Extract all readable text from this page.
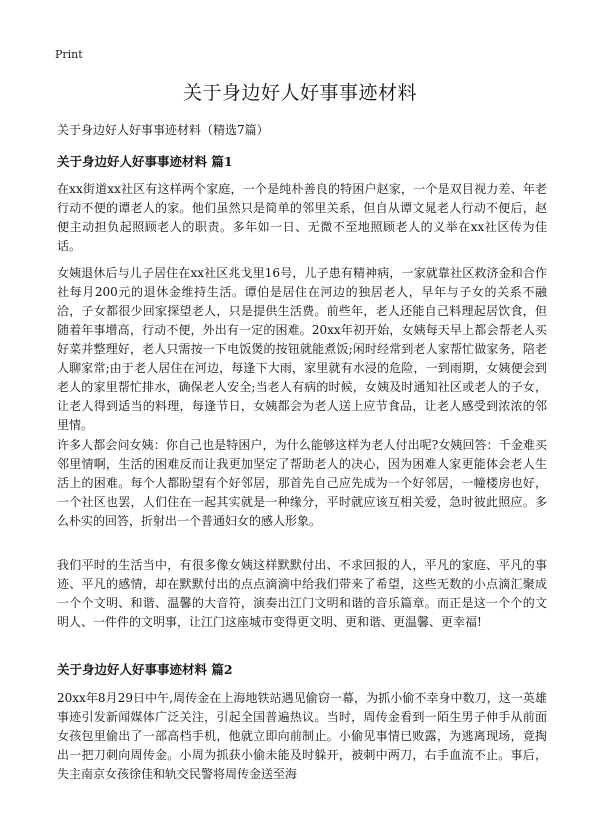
Print
关于身边好人好事事迹材料
关于身边好人好事事迹材料（精选7篇）
关于身边好人好事事迹材料 篇1

在xx街道xx社区有这样两个家庭，一个是纯朴善良的特困户赵家，一个是双目视力差、年老行动不便的谭老人的家。他们虽然只是简单的邻里关系，但自从谭文晁老人行动不便后，赵便主动担负起照顾老人的职责。多年如一日、无微不至地照顾老人的义举在xx社区传为佳话。

女姨退休后与儿子居住在xx社区兆戈里16号，儿子患有精神病，一家就靠社区救济金和合作社每月200元的退休金维持生活。谭伯是居住在河边的独居老人，早年与子女的关系不融洽，子女都很少回家探望老人，只是提供生活费。前些年，老人还能自己料理起居饮食，但随着年事增高，行动不便，外出有一定的困难。20xx年初开始，女姨每天早上都会帮老人买好菜并整理好，老人只需按一下电饭煲的按钮就能煮饭;闲时经常到老人家帮忙做家务，陪老人聊家常;由于老人居住在河边，每逢下大雨，家里就有水浸的危险，一到雨期，女姨便会到老人的家里帮忙排水，确保老人安全;当老人有病的时候，女姨及时通知社区或老人的子女，让老人得到适当的料理，每逢节日，女姨都会为老人送上应节食品，让老人感受到浓浓的邻里情。

许多人都会问女姨：你自己也是特困户，为什么能够这样为老人付出呢?女姨回答：千金难买邻里情啊，生活的困难反而让我更加坚定了帮助老人的决心，因为困难人家更能体会老人生活上的困难。每个人都盼望有个好邻居，那首先自己应先成为一个好邻居，一幢楼房也好，一个社区也罢，人们住在一起其实就是一种缘分，平时就应该互相关爱，急时彼此照应。多么朴实的回答，折射出一个普通妇女的感人形象。

我们平时的生活当中，有很多像女姨这样默默付出、不求回报的人，平凡的家庭、平凡的事迹、平凡的感情，却在默默付出的点点滴滴中给我们带来了希望，这些无数的小点滴汇聚成一个个文明、和谐、温馨的大音符，演奏出江门文明和谐的音乐篇章。而正是这一个个的文明人、一件件的文明事，让江门这座城市变得更文明、更和谐、更温馨、更幸福!

关于身边好人好事事迹材料 篇2

20xx年8月29日中午,周传金在上海地铁站遇见偷窃一幕，为抓小偷不幸身中数刀，这一英雄事迹引发新闻媒体广泛关注，引起全国普遍热议。当时，周传金看到一陌生男子伸手从前面女孩包里偷出了一部高档手机，他就立即向前制止。小偷见事情已败露，为逃离现场，竟掏出一把刀刺向周传金。小周为抓获小偷未能及时躲开，被刺中两刀，右手血流不止。事后，失主南京女孩徐佳和轨交民警将周传金送至海
